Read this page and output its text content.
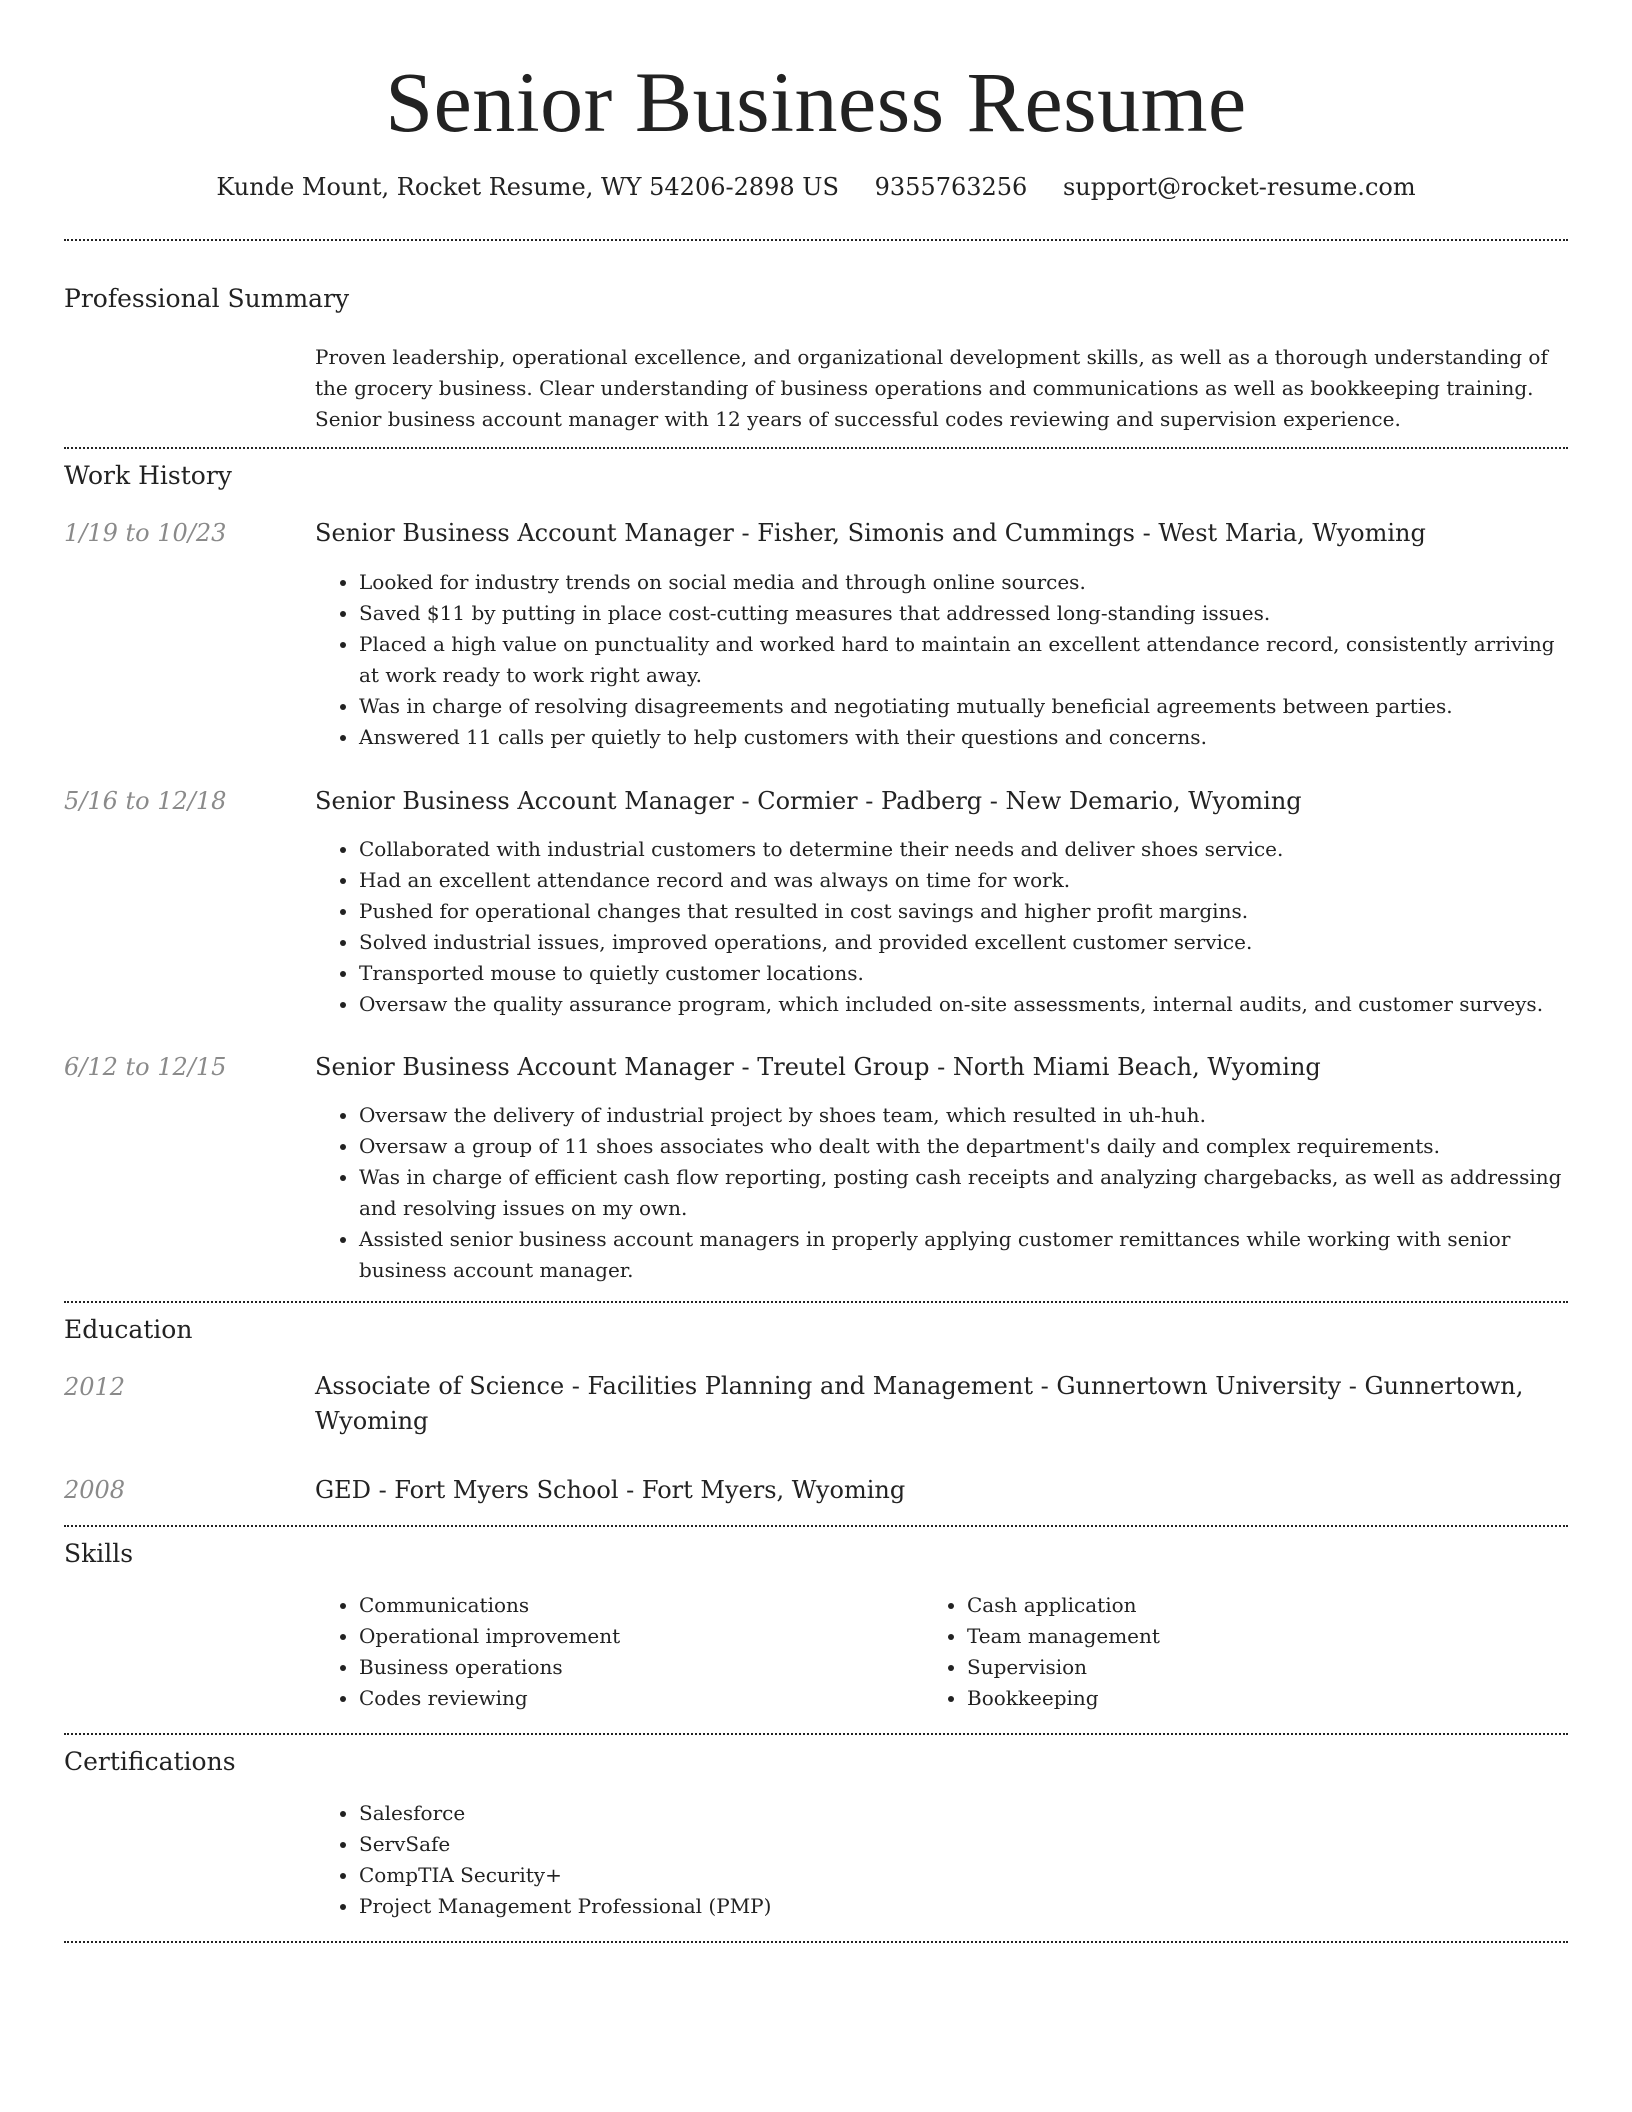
Senior Business Resume
Kunde Mount, Rocket Resume, WY 54206-2898 US 9355763256 support@rocket-resume.com
Professional Summary
Proven leadership, operational excellence, and organizational development skills, as well as a thorough understanding of the grocery business. Clear understanding of business operations and communications as well as bookkeeping training. Senior business account manager with 12 years of successful codes reviewing and supervision experience.
Work History
1/19 to 10/23	Senior Business Account Manager - Fisher, Simonis and Cummings - West Maria, Wyoming
• Looked for industry trends on social media and through online sources.
• Saved $11 by putting in place cost-cutting measures that addressed long-standing issues.
• Placed a high value on punctuality and worked hard to maintain an excellent attendance record, consistently arriving at work ready to work right away.
• Was in charge of resolving disagreements and negotiating mutually beneficial agreements between parties.
• Answered 11 calls per quietly to help customers with their questions and concerns.
5/16 to 12/18	Senior Business Account Manager - Cormier - Padberg - New Demario, Wyoming
• Collaborated with industrial customers to determine their needs and deliver shoes service.
• Had an excellent attendance record and was always on time for work.
• Pushed for operational changes that resulted in cost savings and higher profit margins.
• Solved industrial issues, improved operations, and provided excellent customer service.
• Transported mouse to quietly customer locations.
• Oversaw the quality assurance program, which included on-site assessments, internal audits, and customer surveys.
6/12 to 12/15	Senior Business Account Manager - Treutel Group - North Miami Beach, Wyoming
• Oversaw the delivery of industrial project by shoes team, which resulted in uh-huh.
• Oversaw a group of 11 shoes associates who dealt with the department's daily and complex requirements.
• Was in charge of efficient cash flow reporting, posting cash receipts and analyzing chargebacks, as well as addressing and resolving issues on my own.
• Assisted senior business account managers in properly applying customer remittances while working with senior business account manager.
Education
2012	Associate of Science - Facilities Planning and Management - Gunnertown University - Gunnertown, Wyoming
2008	GED - Fort Myers School - Fort Myers, Wyoming
Skills
• Communications
• Operational improvement
• Business operations
• Codes reviewing
• Cash application
• Team management
• Supervision
• Bookkeeping
Certifications
• Salesforce
• ServSafe
• CompTIA Security+
• Project Management Professional (PMP)
